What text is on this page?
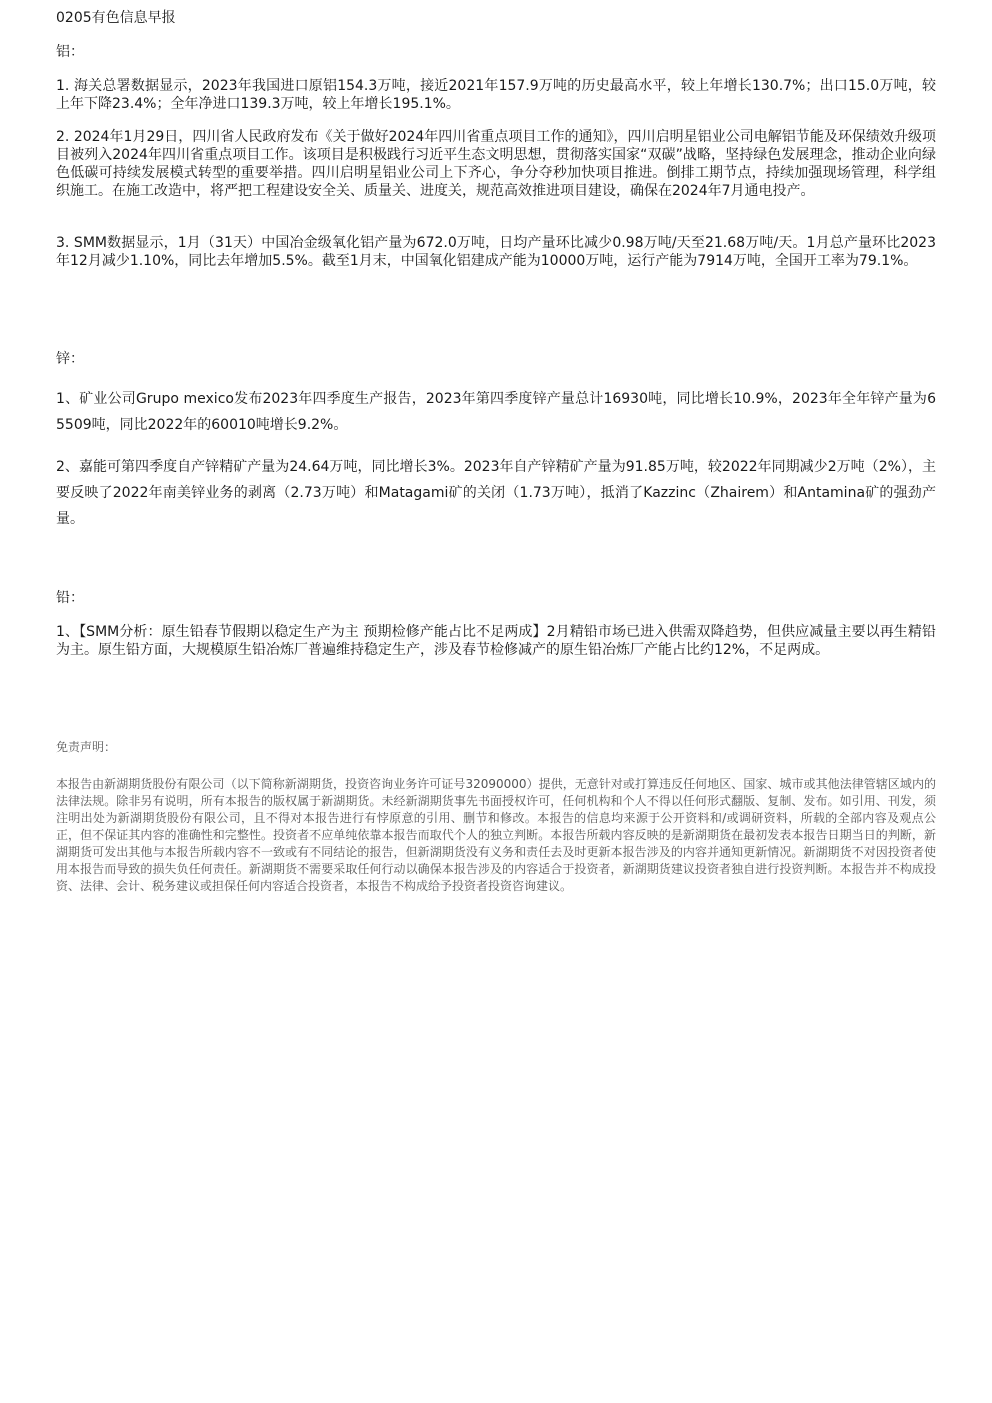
0205有色信息早报
铝：
1. 海关总署数据显示，2023年我国进口原铝154.3万吨，接近2021年157.9万吨的历史最高水平，较上年增长130.7%；出口15.0万吨，较上年下降23.4%；全年净进口139.3万吨，较上年增长195.1%。
2. 2024年1月29日，四川省人民政府发布《关于做好2024年四川省重点项目工作的通知》，四川启明星铝业公司电解铝节能及环保绩效升级项目被列入2024年四川省重点项目工作。该项目是积极践行习近平生态文明思想，贯彻落实国家“双碳”战略，坚持绿色发展理念，推动企业向绿色低碳可持续发展模式转型的重要举措。四川启明星铝业公司上下齐心，争分夺秒加快项目推进。倒排工期节点，持续加强现场管理，科学组织施工。在施工改造中，将严把工程建设安全关、质量关、进度关，规范高效推进项目建设，确保在2024年7月通电投产。
3. SMM数据显示，1月（31天）中国冶金级氧化铝产量为672.0万吨，日均产量环比减少0.98万吨/天至21.68万吨/天。1月总产量环比2023年12月减少1.10%，同比去年增加5.5%。截至1月末，中国氧化铝建成产能为10000万吨，运行产能为7914万吨，全国开工率为79.1%。
锌：
1、矿业公司Grupo mexico发布2023年四季度生产报告，2023年第四季度锌产量总计16930吨，同比增长10.9%，2023年全年锌产量为65509吨，同比2022年的60010吨增长9.2%。
2、嘉能可第四季度自产锌精矿产量为24.64万吨，同比增长3%。2023年自产锌精矿产量为91.85万吨，较2022年同期减少2万吨（2%），主要反映了2022年南美锌业务的剥离（2.73万吨）和Matagami矿的关闭（1.73万吨），抵消了Kazzinc（Zhairem）和Antamina矿的强劲产量。
铅：
1、【SMM分析：原生铅春节假期以稳定生产为主 预期检修产能占比不足两成】2月精铅市场已进入供需双降趋势，但供应减量主要以再生精铅为主。原生铅方面，大规模原生铅冶炼厂普遍维持稳定生产，涉及春节检修减产的原生铅冶炼厂产能占比约12%，不足两成。
免责声明：
本报告由新湖期货股份有限公司（以下简称新湖期货，投资咨询业务许可证号32090000）提供，无意针对或打算违反任何地区、国家、城市或其他法律管辖区域内的法律法规。除非另有说明，所有本报告的版权属于新湖期货。未经新湖期货事先书面授权许可，任何机构和个人不得以任何形式翻版、复制、发布。如引用、刊发，须注明出处为新湖期货股份有限公司，且不得对本报告进行有悖原意的引用、删节和修改。本报告的信息均来源于公开资料和/或调研资料，所载的全部内容及观点公正，但不保证其内容的准确性和完整性。投资者不应单纯依靠本报告而取代个人的独立判断。本报告所载内容反映的是新湖期货在最初发表本报告日期当日的判断，新湖期货可发出其他与本报告所载内容不一致或有不同结论的报告，但新湖期货没有义务和责任去及时更新本报告涉及的内容并通知更新情况。新湖期货不对因投资者使用本报告而导致的损失负任何责任。新湖期货不需要采取任何行动以确保本报告涉及的内容适合于投资者，新湖期货建议投资者独自进行投资判断。本报告并不构成投资、法律、会计、税务建议或担保任何内容适合投资者，本报告不构成给予投资者投资咨询建议。
